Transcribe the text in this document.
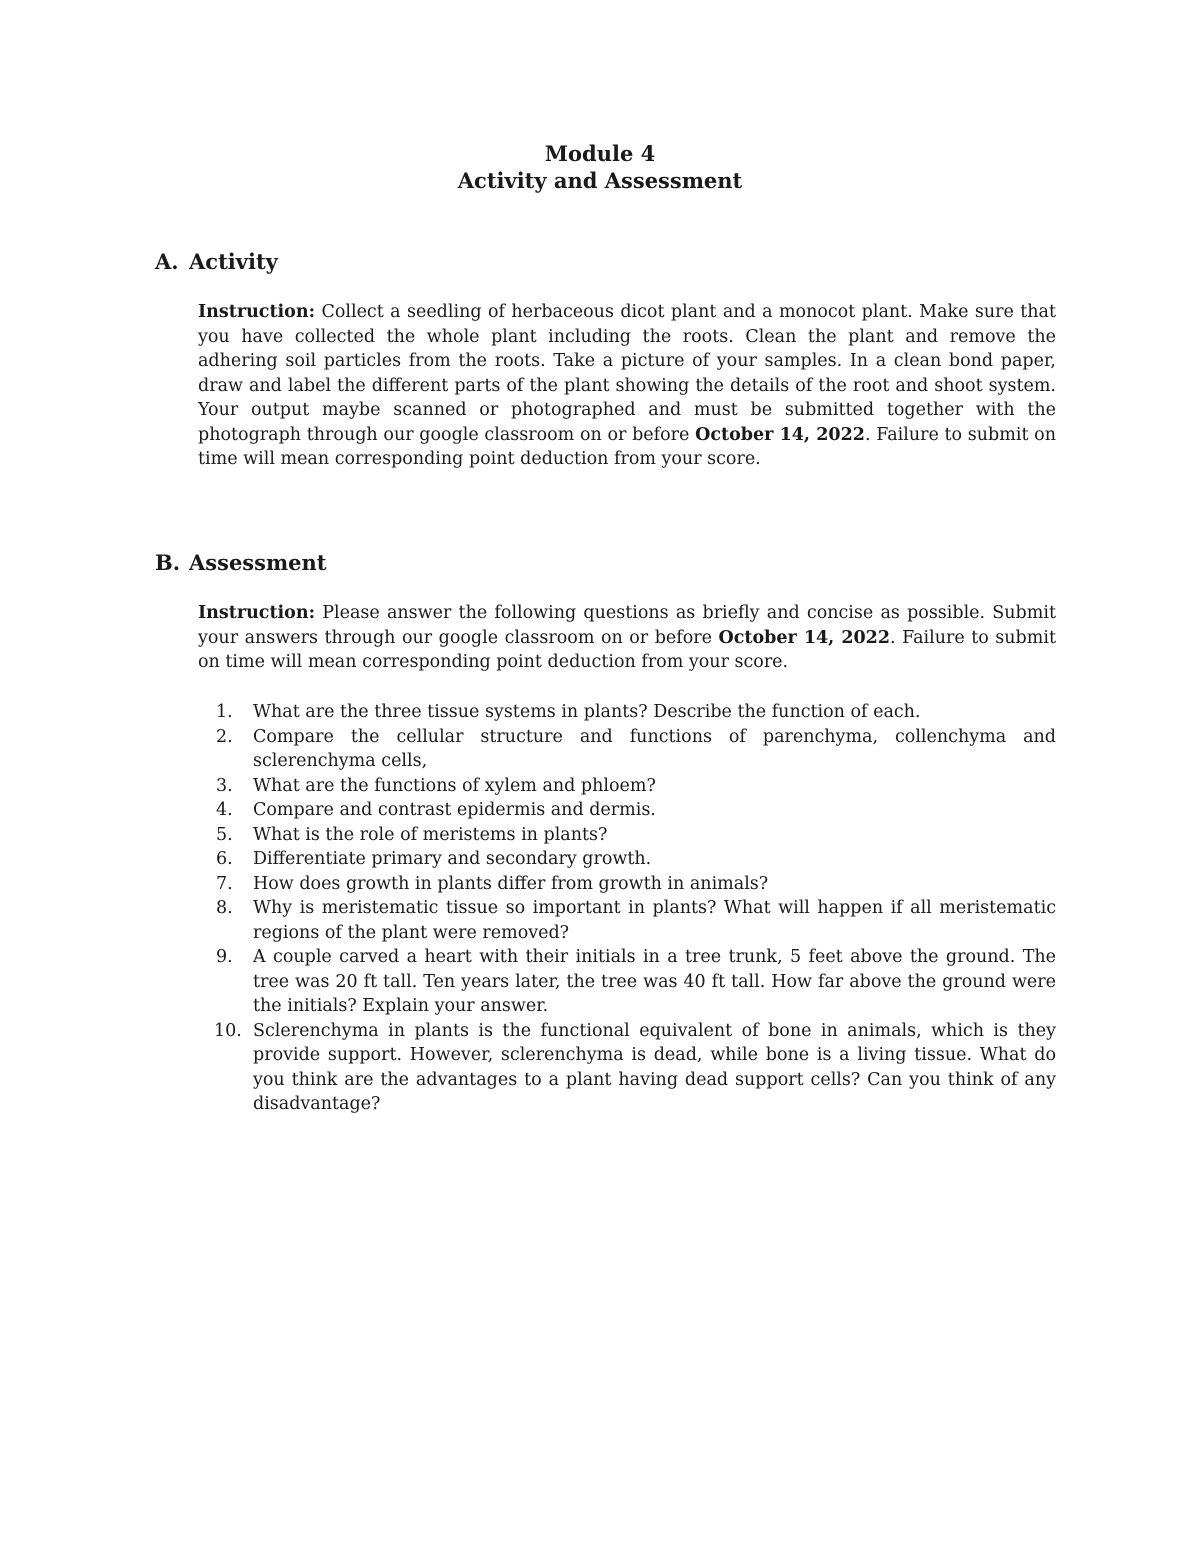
Module 4
Activity and Assessment
A. Activity
Instruction: Collect a seedling of herbaceous dicot plant and a monocot plant. Make sure that you have collected the whole plant including the roots. Clean the plant and remove the adhering soil particles from the roots. Take a picture of your samples. In a clean bond paper, draw and label the different parts of the plant showing the details of the root and shoot system. Your output maybe scanned or photographed and must be submitted together with the photograph through our google classroom on or before October 14, 2022. Failure to submit on time will mean corresponding point deduction from your score.
B. Assessment
Instruction: Please answer the following questions as briefly and concise as possible. Submit your answers through our google classroom on or before October 14, 2022. Failure to submit on time will mean corresponding point deduction from your score.
1.	What are the three tissue systems in plants? Describe the function of each.
2.	Compare the cellular structure and functions of parenchyma, collenchyma and sclerenchyma cells,
3.	What are the functions of xylem and phloem?
4.	Compare and contrast epidermis and dermis.
5.	What is the role of meristems in plants?
6.	Differentiate primary and secondary growth.
7.	How does growth in plants differ from growth in animals?
8.	Why is meristematic tissue so important in plants? What will happen if all meristematic regions of the plant were removed?
9.	A couple carved a heart with their initials in a tree trunk, 5 feet above the ground. The tree was 20 ft tall. Ten years later, the tree was 40 ft tall. How far above the ground were the initials? Explain your answer.
10. Sclerenchyma in plants is the functional equivalent of bone in animals, which is they provide support. However, sclerenchyma is dead, while bone is a living tissue. What do you think are the advantages to a plant having dead support cells? Can you think of any disadvantage?
